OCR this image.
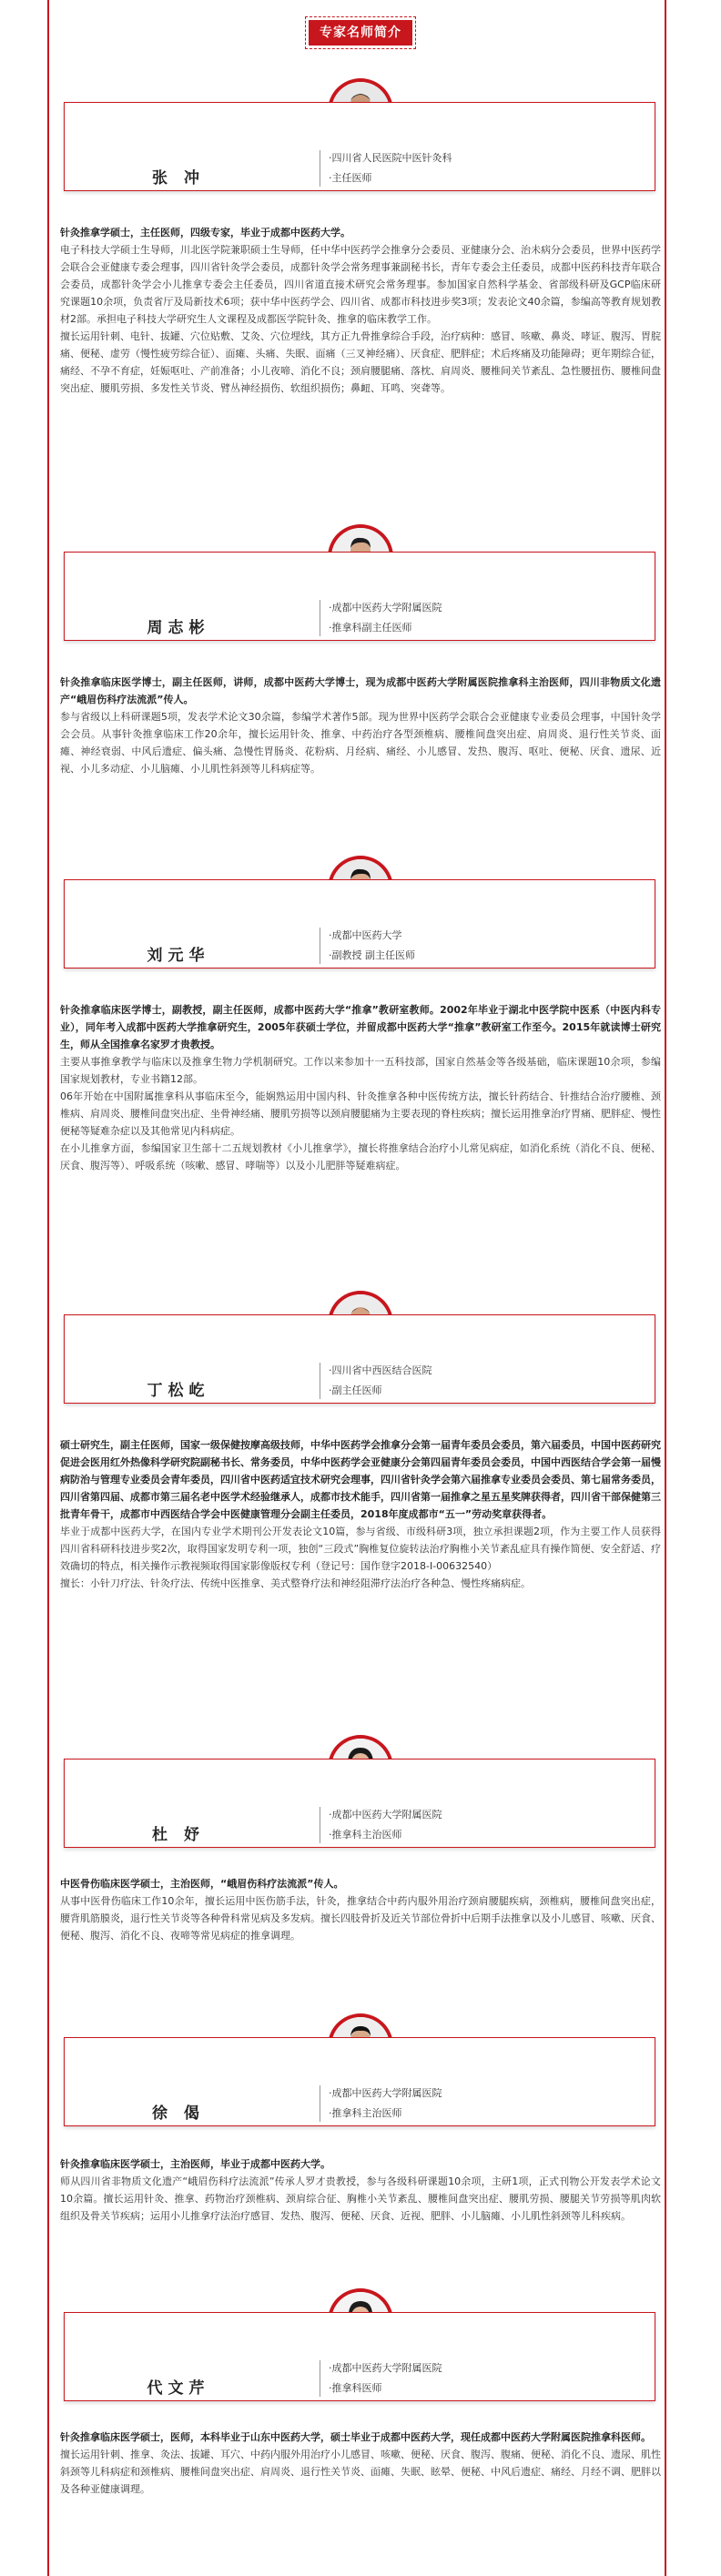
专家名师简介
张 冲
·四川省人民医院中医针灸科
·主任医师

针灸推拿学硕士，主任医师，四级专家，毕业于成都中医药大学。

电子科技大学硕士生导师，川北医学院兼职硕士生导师，任中华中医药学会推拿分会委员、亚健康分会、治未病分会委员，世界中医药学会联合会亚健康专委会理事，四川省针灸学会委员，成都针灸学会常务理事兼副秘书长，青年专委会主任委员，成都中医药科技青年联合会委员，成都针灸学会小儿推拿专委会主任委员，四川省道直接术研究会常务理事。参加国家自然科学基金、省部级科研及GCP临床研究课题10余项，负责省厅及局新技术6项；获中华中医药学会、四川省、成都市科技进步奖3项；发表论文40余篇，参编高等教育规划教材2部。承担电子科技大学研究生人文课程及成都医学院针灸、推拿的临床教学工作。

擅长运用针刺、电针、拔罐、穴位贴敷、艾灸、穴位埋线，其方正九骨推拿综合手段，治疗病种：感冒、咳嗽、鼻炎、哮证、腹泻、胃脘痛、便秘、虚劳（慢性疲劳综合征）、面瘫、头痛、失眠、面痛（三叉神经痛）、厌食症、肥胖症；术后疼痛及功能障碍；更年期综合征，痛经、不孕不育症，妊娠呕吐、产前准备；小儿夜啼、消化不良；颈肩腰腿痛、落枕、肩周炎、腰椎间关节紊乱、急性腰扭伤、腰椎间盘突出症、腰肌劳损、多发性关节炎、臂丛神经损伤、软组织损伤；鼻衄、耳鸣、突聋等。

周志彬
·成都中医药大学附属医院
·推拿科副主任医师

针灸推拿临床医学博士，副主任医师，讲师，成都中医药大学博士，现为成都中医药大学附属医院推拿科主治医师，四川非物质文化遗产“峨眉伤科疗法流派”传人。

参与省级以上科研课题5项，发表学术论文30余篇，参编学术著作5部。现为世界中医药学会联合会亚健康专业委员会理事，中国针灸学会会员。从事针灸推拿临床工作20余年，擅长运用针灸、推拿、中药治疗各型颈椎病、腰椎间盘突出症、肩周炎、退行性关节炎、面瘫、神经衰弱、中风后遗症、偏头痛、急慢性胃肠炎、花粉病、月经病、痛经、小儿感冒、发热、腹泻、呕吐、便秘、厌食、遗尿、近视、小儿多动症、小儿脑瘫、小儿肌性斜颈等儿科病症等。

刘元华
·成都中医药大学
·副教授 副主任医师

针灸推拿临床医学博士，副教授，副主任医师，成都中医药大学“推拿”教研室教师。2002年毕业于湖北中医学院中医系（中医内科专业），同年考入成都中医药大学推拿研究生，2005年获硕士学位，并留成都中医药大学“推拿”教研室工作至今。2015年就读博士研究生，师从全国推拿名家罗才贵教授。

主要从事推拿教学与临床以及推拿生物力学机制研究。工作以来参加十一五科技部，国家自然基金等各级基础，临床课题10余项，参编国家规划教材，专业书籍12部。

06年开始在中国附属推拿科从事临床至今，能娴熟运用中国内科、针灸推拿各种中医传统方法，擅长针药结合、针推结合治疗腰椎、颈椎病、肩周炎、腰椎间盘突出症、坐骨神经痛、腰肌劳损等以颈肩腰腿痛为主要表现的脊柱疾病；擅长运用推拿治疗胃痛、肥胖症、慢性便秘等疑难杂症以及其他常见内科病症。

在小儿推拿方面，参编国家卫生部十二五规划教材《小儿推拿学》，擅长将推拿结合治疗小儿常见病症，如消化系统（消化不良、便秘、厌食、腹泻等）、呼吸系统（咳嗽、感冒、哮喘等）以及小儿肥胖等疑难病症。

丁松屹
·四川省中西医结合医院
·副主任医师

硕士研究生，副主任医师，国家一级保健按摩高级技师，中华中医药学会推拿分会第一届青年委员会委员，第六届委员，中国中医药研究促进会医用红外热像科学研究院副秘书长、常务委员，中华中医药学会亚健康分会第四届青年委员会委员，中国中西医结合学会第一届慢病防治与管理专业委员会青年委员，四川省中医药适宜技术研究会理事，四川省针灸学会第六届推拿专业委员会委员、第七届常务委员，四川省第四届、成都市第三届名老中医学术经验继承人，成都市技术能手，四川省第一届推拿之星五星奖牌获得者，四川省干部保健第三批青年骨干，成都市中西医结合学会中医健康管理分会副主任委员，2018年度成都市“五一”劳动奖章获得者。

毕业于成都中医药大学，在国内专业学术期刊公开发表论文10篇，参与省级、市级科研3项，独立承担课题2项，作为主要工作人员获得四川省科研科技进步奖2次，取得国家发明专利一项，独创“三段式”胸椎复位旋转法治疗胸椎小关节紊乱症具有操作简便、安全舒适、疗效确切的特点，相关操作示教视频取得国家影像版权专利（登记号：国作登字2018-I-00632540）

擅长：小针刀疗法、针灸疗法、传统中医推拿、美式整脊疗法和神经阻滞疗法治疗各种急、慢性疼痛病症。

杜 妤
·成都中医药大学附属医院
·推拿科主治医师

中医骨伤临床医学硕士，主治医师，“峨眉伤科疗法流派”传人。

从事中医骨伤临床工作10余年，擅长运用中医伤筋手法，针灸，推拿结合中药内服外用治疗颈肩腰腿疾病，颈椎病，腰椎间盘突出症，腰背肌筋膜炎，退行性关节炎等各种骨科常见病及多发病。擅长四肢骨折及近关节部位骨折中后期手法推拿以及小儿感冒、咳嗽、厌食、便秘、腹泻、消化不良、夜啼等常见病症的推拿调理。

徐 偈
·成都中医药大学附属医院
·推拿科主治医师

针灸推拿临床医学硕士，主治医师，毕业于成都中医药大学。

师从四川省非物质文化遗产“峨眉伤科疗法流派”传承人罗才贵教授，参与各级科研课题10余项，主研1项，正式刊物公开发表学术论文10余篇。擅长运用针灸、推拿、药物治疗颈椎病、颈肩综合征、胸椎小关节紊乱、腰椎间盘突出症、腰肌劳损、腰腿关节劳损等肌肉软组织及骨关节疾病；运用小儿推拿疗法治疗感冒、发热、腹泻、便秘、厌食、近视、肥胖、小儿脑瘫、小儿肌性斜颈等儿科疾病。

代文芹
·成都中医药大学附属医院
·推拿科医师

针灸推拿临床医学硕士，医师，本科毕业于山东中医药大学，硕士毕业于成都中医药大学，现任成都中医药大学附属医院推拿科医师。

擅长运用针刺、推拿、灸法、拔罐、耳穴、中药内服外用治疗小儿感冒、咳嗽、便秘、厌食、腹泻、腹痛、便秘、消化不良、遗尿、肌性斜颈等儿科病症和颈椎病、腰椎间盘突出症、肩周炎、退行性关节炎、面瘫、失眠、眩晕、便秘、中风后遗症、痛经、月经不调、肥胖以及各种亚健康调理。
